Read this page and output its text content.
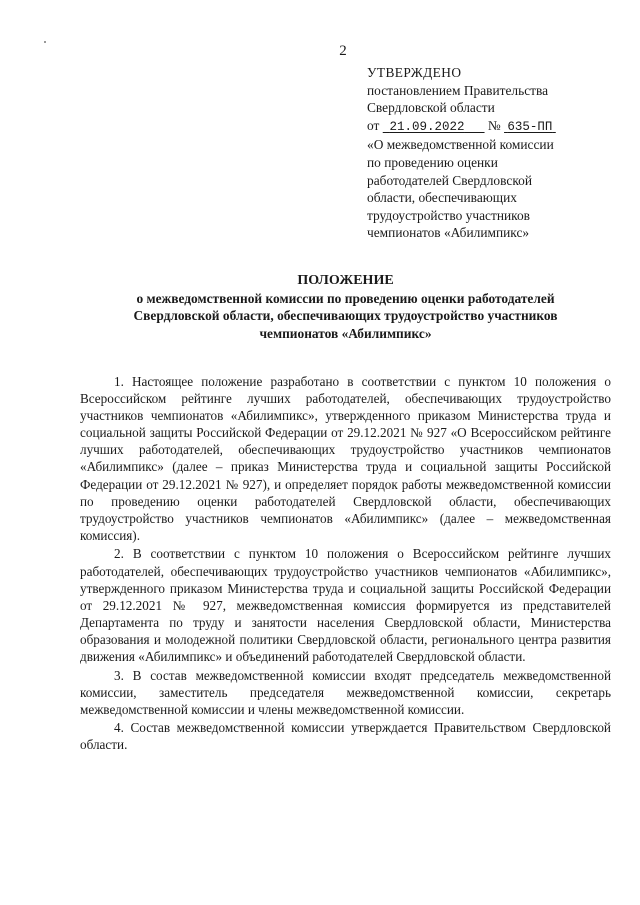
2
УТВЕРЖДЕНО
постановлением Правительства
Свердловской области
от 21.09.2022 № 635-ПП
«О межведомственной комиссии
по проведению оценки
работодателей Свердловской
области, обеспечивающих
трудоустройство участников
чемпионатов «Абилимпикс»
ПОЛОЖЕНИЕ
о межведомственной комиссии по проведению оценки работодателей
Свердловской области, обеспечивающих трудоустройство участников
чемпионатов «Абилимпикс»

1. Настоящее положение разработано в соответствии с пунктом 10 положения о Всероссийском рейтинге лучших работодателей, обеспечивающих трудоустройство участников чемпионатов «Абилимпикс», утвержденного приказом Министерства труда и социальной защиты Российской Федерации от 29.12.2021 № 927 «О Всероссийском рейтинге лучших работодателей, обеспечивающих трудоустройство участников чемпионатов «Абилимпикс» (далее – приказ Министерства труда и социальной защиты Российской Федерации от 29.12.2021 № 927), и определяет порядок работы межведомственной комиссии по проведению оценки работодателей Свердловской области, обеспечивающих трудоустройство участников чемпионатов «Абилимпикс» (далее – межведомственная комиссия).

2. В соответствии с пунктом 10 положения о Всероссийском рейтинге лучших работодателей, обеспечивающих трудоустройство участников чемпионатов «Абилимпикс», утвержденного приказом Министерства труда и социальной защиты Российской Федерации от 29.12.2021 № 927, межведомственная комиссия формируется из представителей Департамента по труду и занятости населения Свердловской области, Министерства образования и молодежной политики Свердловской области, регионального центра развития движения «Абилимпикс» и объединений работодателей Свердловской области.

3. В состав межведомственной комиссии входят председатель межведомственной комиссии, заместитель председателя межведомственной комиссии, секретарь межведомственной комиссии и члены межведомственной комиссии.

4. Состав межведомственной комиссии утверждается Правительством Свердловской области.
